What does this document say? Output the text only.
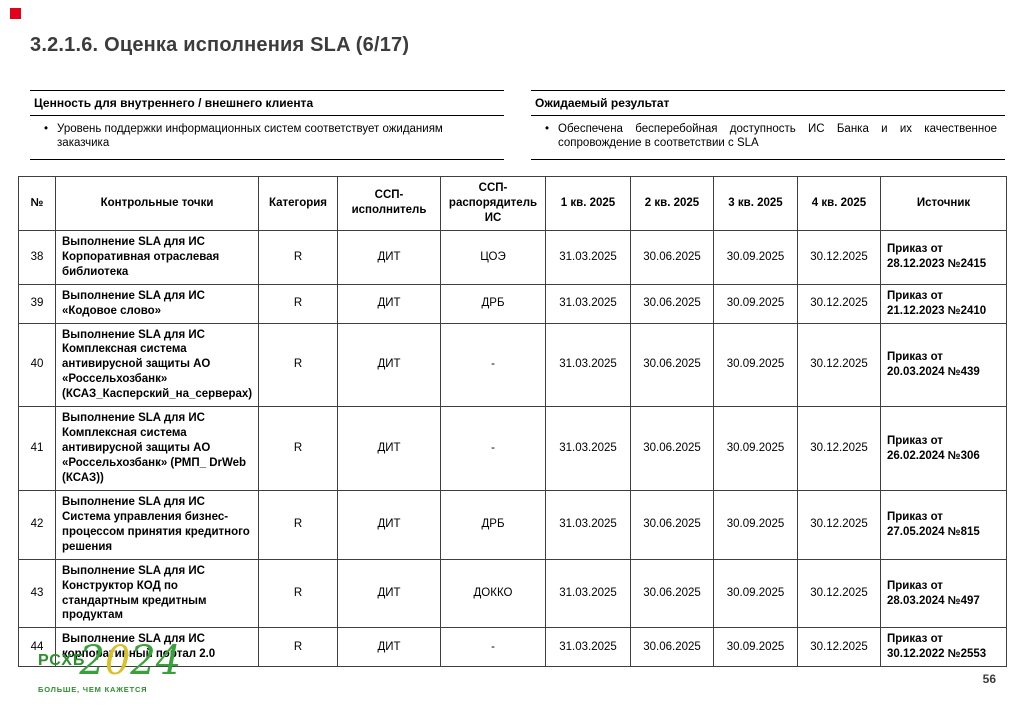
3.2.1.6. Оценка исполнения SLA (6/17)
Ценность для внутреннего / внешнего клиента
• Уровень поддержки информационных систем соответствует ожиданиям заказчика
Ожидаемый результат
• Обеспечена бесперебойная доступность ИС Банка и их качественное сопровождение в соответствии с SLA
№	Контрольные точки	Категория	ССП-исполнитель	ССП-распорядитель ИС	1 кв. 2025	2 кв. 2025	3 кв. 2025	4 кв. 2025	Источник
38	Выполнение SLA для ИС Корпоративная отраслевая библиотека	R	ДИТ	ЦОЭ	31.03.2025	30.06.2025	30.09.2025	30.12.2025	Приказ от 28.12.2023 №2415
39	Выполнение SLA для ИС «Кодовое слово»	R	ДИТ	ДРБ	31.03.2025	30.06.2025	30.09.2025	30.12.2025	Приказ от 21.12.2023 №2410
40	Выполнение SLA для ИС Комплексная система антивирусной защиты АО «Россельхозбанк» (КСАЗ_Касперский_на_серверах)	R	ДИТ	-	31.03.2025	30.06.2025	30.09.2025	30.12.2025	Приказ от 20.03.2024 №439
41	Выполнение SLA для ИС Комплексная система антивирусной защиты АО «Россельхозбанк» (РМП_ DrWeb (КСАЗ))	R	ДИТ	-	31.03.2025	30.06.2025	30.09.2025	30.12.2025	Приказ от 26.02.2024 №306
42	Выполнение SLA для ИС Система управления бизнес-процессом принятия кредитного решения	R	ДИТ	ДРБ	31.03.2025	30.06.2025	30.09.2025	30.12.2025	Приказ от 27.05.2024 №815
43	Выполнение SLA для ИС Конструктор КОД по стандартным кредитным продуктам	R	ДИТ	ДОККО	31.03.2025	30.06.2025	30.09.2025	30.12.2025	Приказ от 28.03.2024 №497
44	Выполнение SLA для ИС корпоративный портал 2.0	R	ДИТ	-	31.03.2025	30.06.2025	30.09.2025	30.12.2025	Приказ от 30.12.2022 №2553
РСХБ
2024
БОЛЬШЕ, ЧЕМ КАЖЕТСЯ
56
